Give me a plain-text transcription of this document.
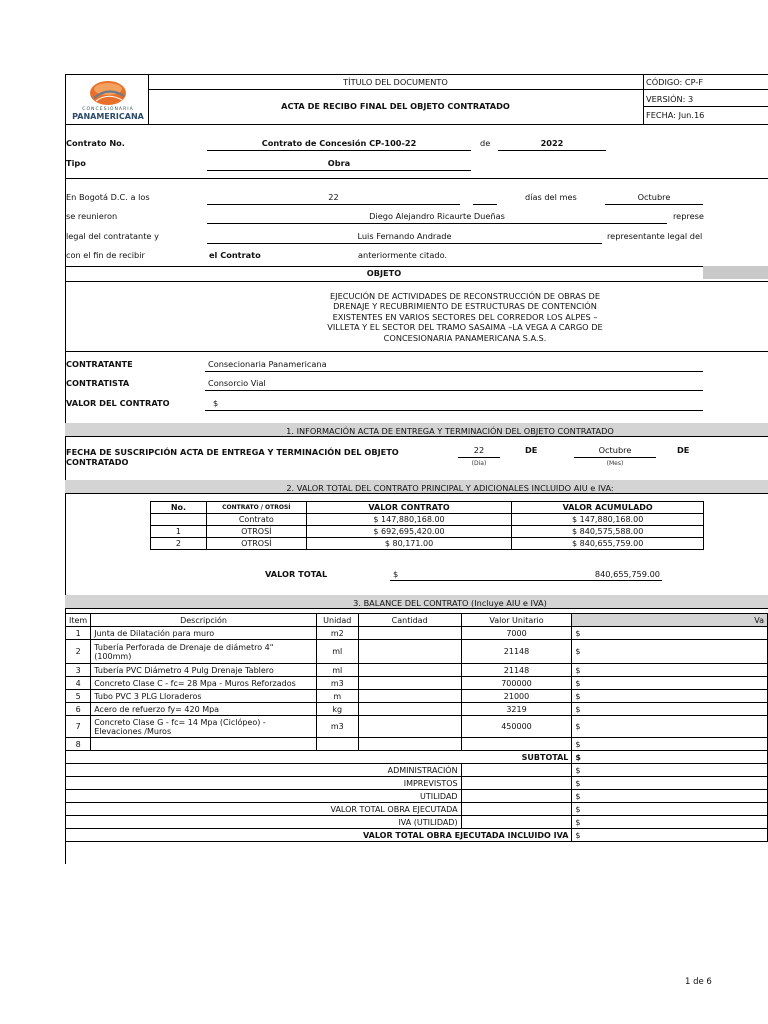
CONCESIONARIA
PANAMERICANA
TÍTULO DEL DOCUMENTO
ACTA DE RECIBO FINAL DEL OBJETO CONTRATADO
CÓDIGO: CP-F
VERSIÓN: 3
FECHA: Jun.16
Contrato No.	Contrato de Concesión CP-100-22	de	2022
Tipo	Obra
En Bogotá D.C. a los	22	días del mes	Octubre
se reunieron	Diego Alejandro Ricaurte Dueñas	represe
legal del contratante y	Luis Fernando Andrade	representante legal del
con el fin de recibir	el Contrato	anteriormente citado.
OBJETO
EJECUCIÓN DE ACTIVIDADES DE RECONSTRUCCIÓN DE OBRAS DE
DRENAJE Y RECUBRIMIENTO DE ESTRUCTURAS DE CONTENCIÓN
EXISTENTES EN VARIOS SECTORES DEL CORREDOR LOS ALPES –
VILLETA Y EL SECTOR DEL TRAMO SASAIMA –LA VEGA A CARGO DE
CONCESIONARIA PANAMERICANA S.A.S.
CONTRATANTE	Consecionaria Panamericana
CONTRATISTA	Consorcio Vial
VALOR DEL CONTRATO	$
1. INFORMACIÓN ACTA DE ENTREGA Y TERMINACIÓN DEL OBJETO CONTRATADO
FECHA DE SUSCRIPCIÓN ACTA DE ENTREGA Y TERMINACIÓN DEL OBJETO
CONTRATADO
22
(Día)
DE	Octubre
(Mes)
DE
2. VALOR TOTAL DEL CONTRATO PRINCIPAL Y ADICIONALES INCLUIDO AIU e IVA:
No.	CONTRATO / OTROSÍ	VALOR CONTRATO	VALOR ACUMULADO
	Contrato	$ 147,880,168.00	$ 147,880,168.00
1	OTROSÍ	$ 692,695,420.00	$ 840,575,588.00
2	OTROSÍ	$ 80,171.00	$ 840,655,759.00
VALOR TOTAL	$	840,655,759.00
3. BALANCE DEL CONTRATO (Incluye AIU e IVA)
Item	Descripción	Unidad	Cantidad	Valor Unitario	Va
1	Junta de Dilatación para muro	m2		7000	$
2	Tubería Perforada de Drenaje de diámetro 4" (100mm)	ml		21148	$
3	Tubería PVC Diámetro 4 Pulg Drenaje Tablero	ml		21148	$
4	Concreto Clase C - fc= 28 Mpa - Muros Reforzados	m3		700000	$
5	Tubo PVC 3 PLG Lloraderos	m		21000	$
6	Acero de refuerzo fy= 420 Mpa	kg		3219	$
7	Concreto Clase G - fc= 14 Mpa (Ciclópeo) - Elevaciones /Muros	m3		450000	$
8					$
SUBTOTAL					$
ADMINISTRACIÓN					$
IMPREVISTOS					$
UTILIDAD					$
VALOR TOTAL OBRA EJECUTADA					$
IVA (UTILIDAD)					$
VALOR TOTAL OBRA EJECUTADA INCLUIDO IVA					$
1 de 6
